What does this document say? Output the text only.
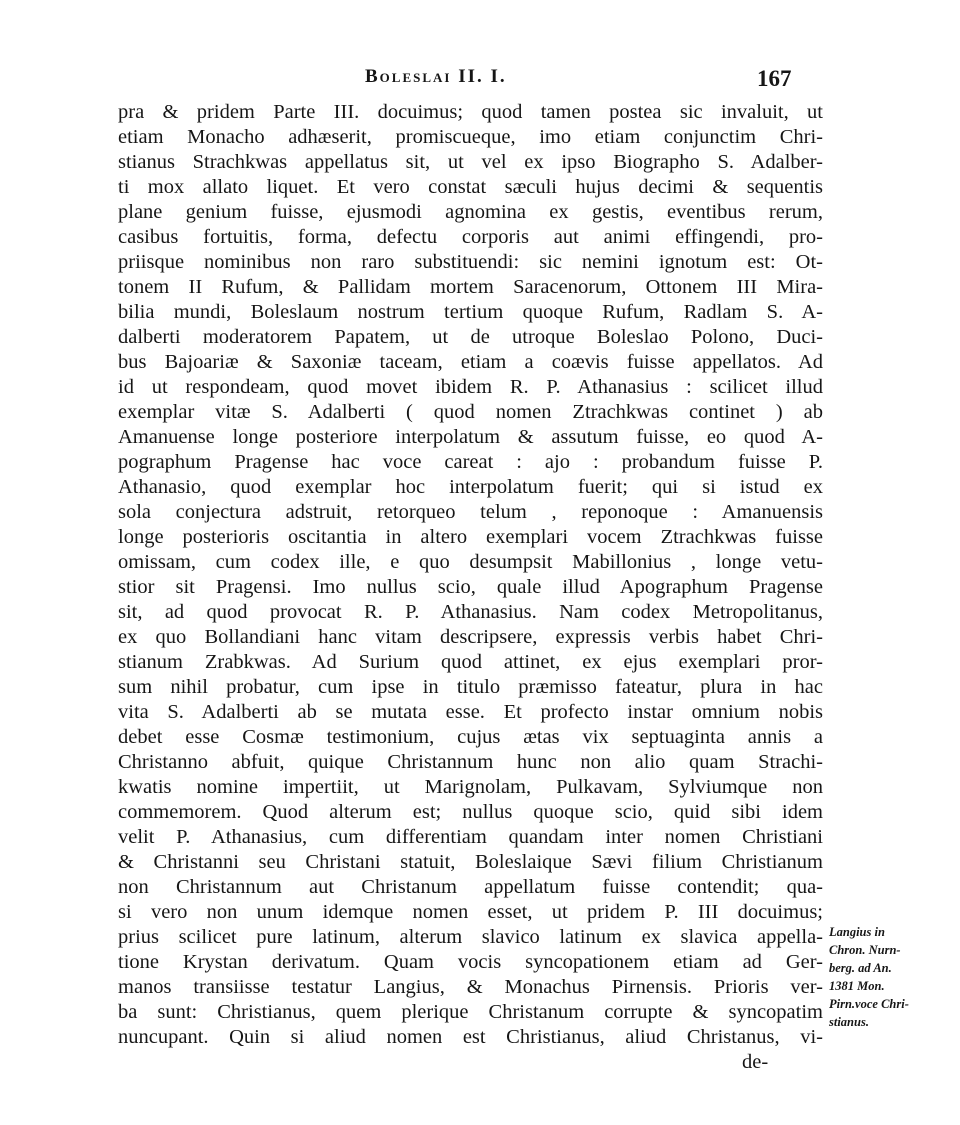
Boleslai II. I.	167
pra & pridem Parte III. docuimus; quod tamen postea sic invaluit, ut
etiam Monacho adhæserit, promiscueque, imo etiam conjunctim Chri-
stianus Strachkwas appellatus sit, ut vel ex ipso Biographo S. Adalber-
ti mox allato liquet. Et vero constat sæculi hujus decimi & sequentis
plane genium fuisse, ejusmodi agnomina ex gestis, eventibus rerum,
casibus fortuitis, forma, defectu corporis aut animi effingendi, pro-
priisque nominibus non raro substituendi: sic nemini ignotum est: Ot-
tonem II Rufum, & Pallidam mortem Saracenorum, Ottonem III Mira-
bilia mundi, Boleslaum nostrum tertium quoque Rufum, Radlam S. A-
dalberti moderatorem Papatem, ut de utroque Boleslao Polono, Duci-
bus Bajoariæ & Saxoniæ taceam, etiam a coævis fuisse appellatos. Ad
id ut respondeam, quod movet ibidem R. P. Athanasius : scilicet illud
exemplar vitæ S. Adalberti ( quod nomen Ztrachkwas continet ) ab
Amanuense longe posteriore interpolatum & assutum fuisse, eo quod A-
pographum Pragense hac voce careat : ajo : probandum fuisse P.
Athanasio, quod exemplar hoc interpolatum fuerit; qui si istud ex
sola conjectura adstruit, retorqueo telum , reponoque : Amanuensis
longe posterioris oscitantia in altero exemplari vocem Ztrachkwas fuisse
omissam, cum codex ille, e quo desumpsit Mabillonius , longe vetu-
stior sit Pragensi. Imo nullus scio, quale illud Apographum Pragense
sit, ad quod provocat R. P. Athanasius. Nam codex Metropolitanus,
ex quo Bollandiani hanc vitam descripsere, expressis verbis habet Chri-
stianum Zrabkwas. Ad Surium quod attinet, ex ejus exemplari pror-
sum nihil probatur, cum ipse in titulo præmisso fateatur, plura in hac
vita S. Adalberti ab se mutata esse. Et profecto instar omnium nobis
debet esse Cosmæ testimonium, cujus ætas vix septuaginta annis a
Christanno abfuit, quique Christannum hunc non alio quam Strachi-
kwatis nomine impertiit, ut Marignolam, Pulkavam, Sylviumque non
commemorem. Quod alterum est; nullus quoque scio, quid sibi idem
velit P. Athanasius, cum differentiam quandam inter nomen Christiani
& Christanni seu Christani statuit, Boleslaique Sævi filium Christianum
non Christannum aut Christanum appellatum fuisse contendit; qua-
si vero non unum idemque nomen esset, ut pridem P. III docuimus;
prius scilicet pure latinum, alterum slavico latinum ex slavica appella-
tione Krystan derivatum. Quam vocis syncopationem etiam ad Ger-
manos transiisse testatur Langius, & Monachus Pirnensis. Prioris ver-
ba sunt: Christianus, quem plerique Christanum corrupte & syncopatim
nuncupant. Quin si aliud nomen est Christianus, aliud Christanus, vi-
de-
Langius in
Chron. Nurn-
berg. ad An.
1381 Mon.
Pirn.voce Chri-
stianus.
